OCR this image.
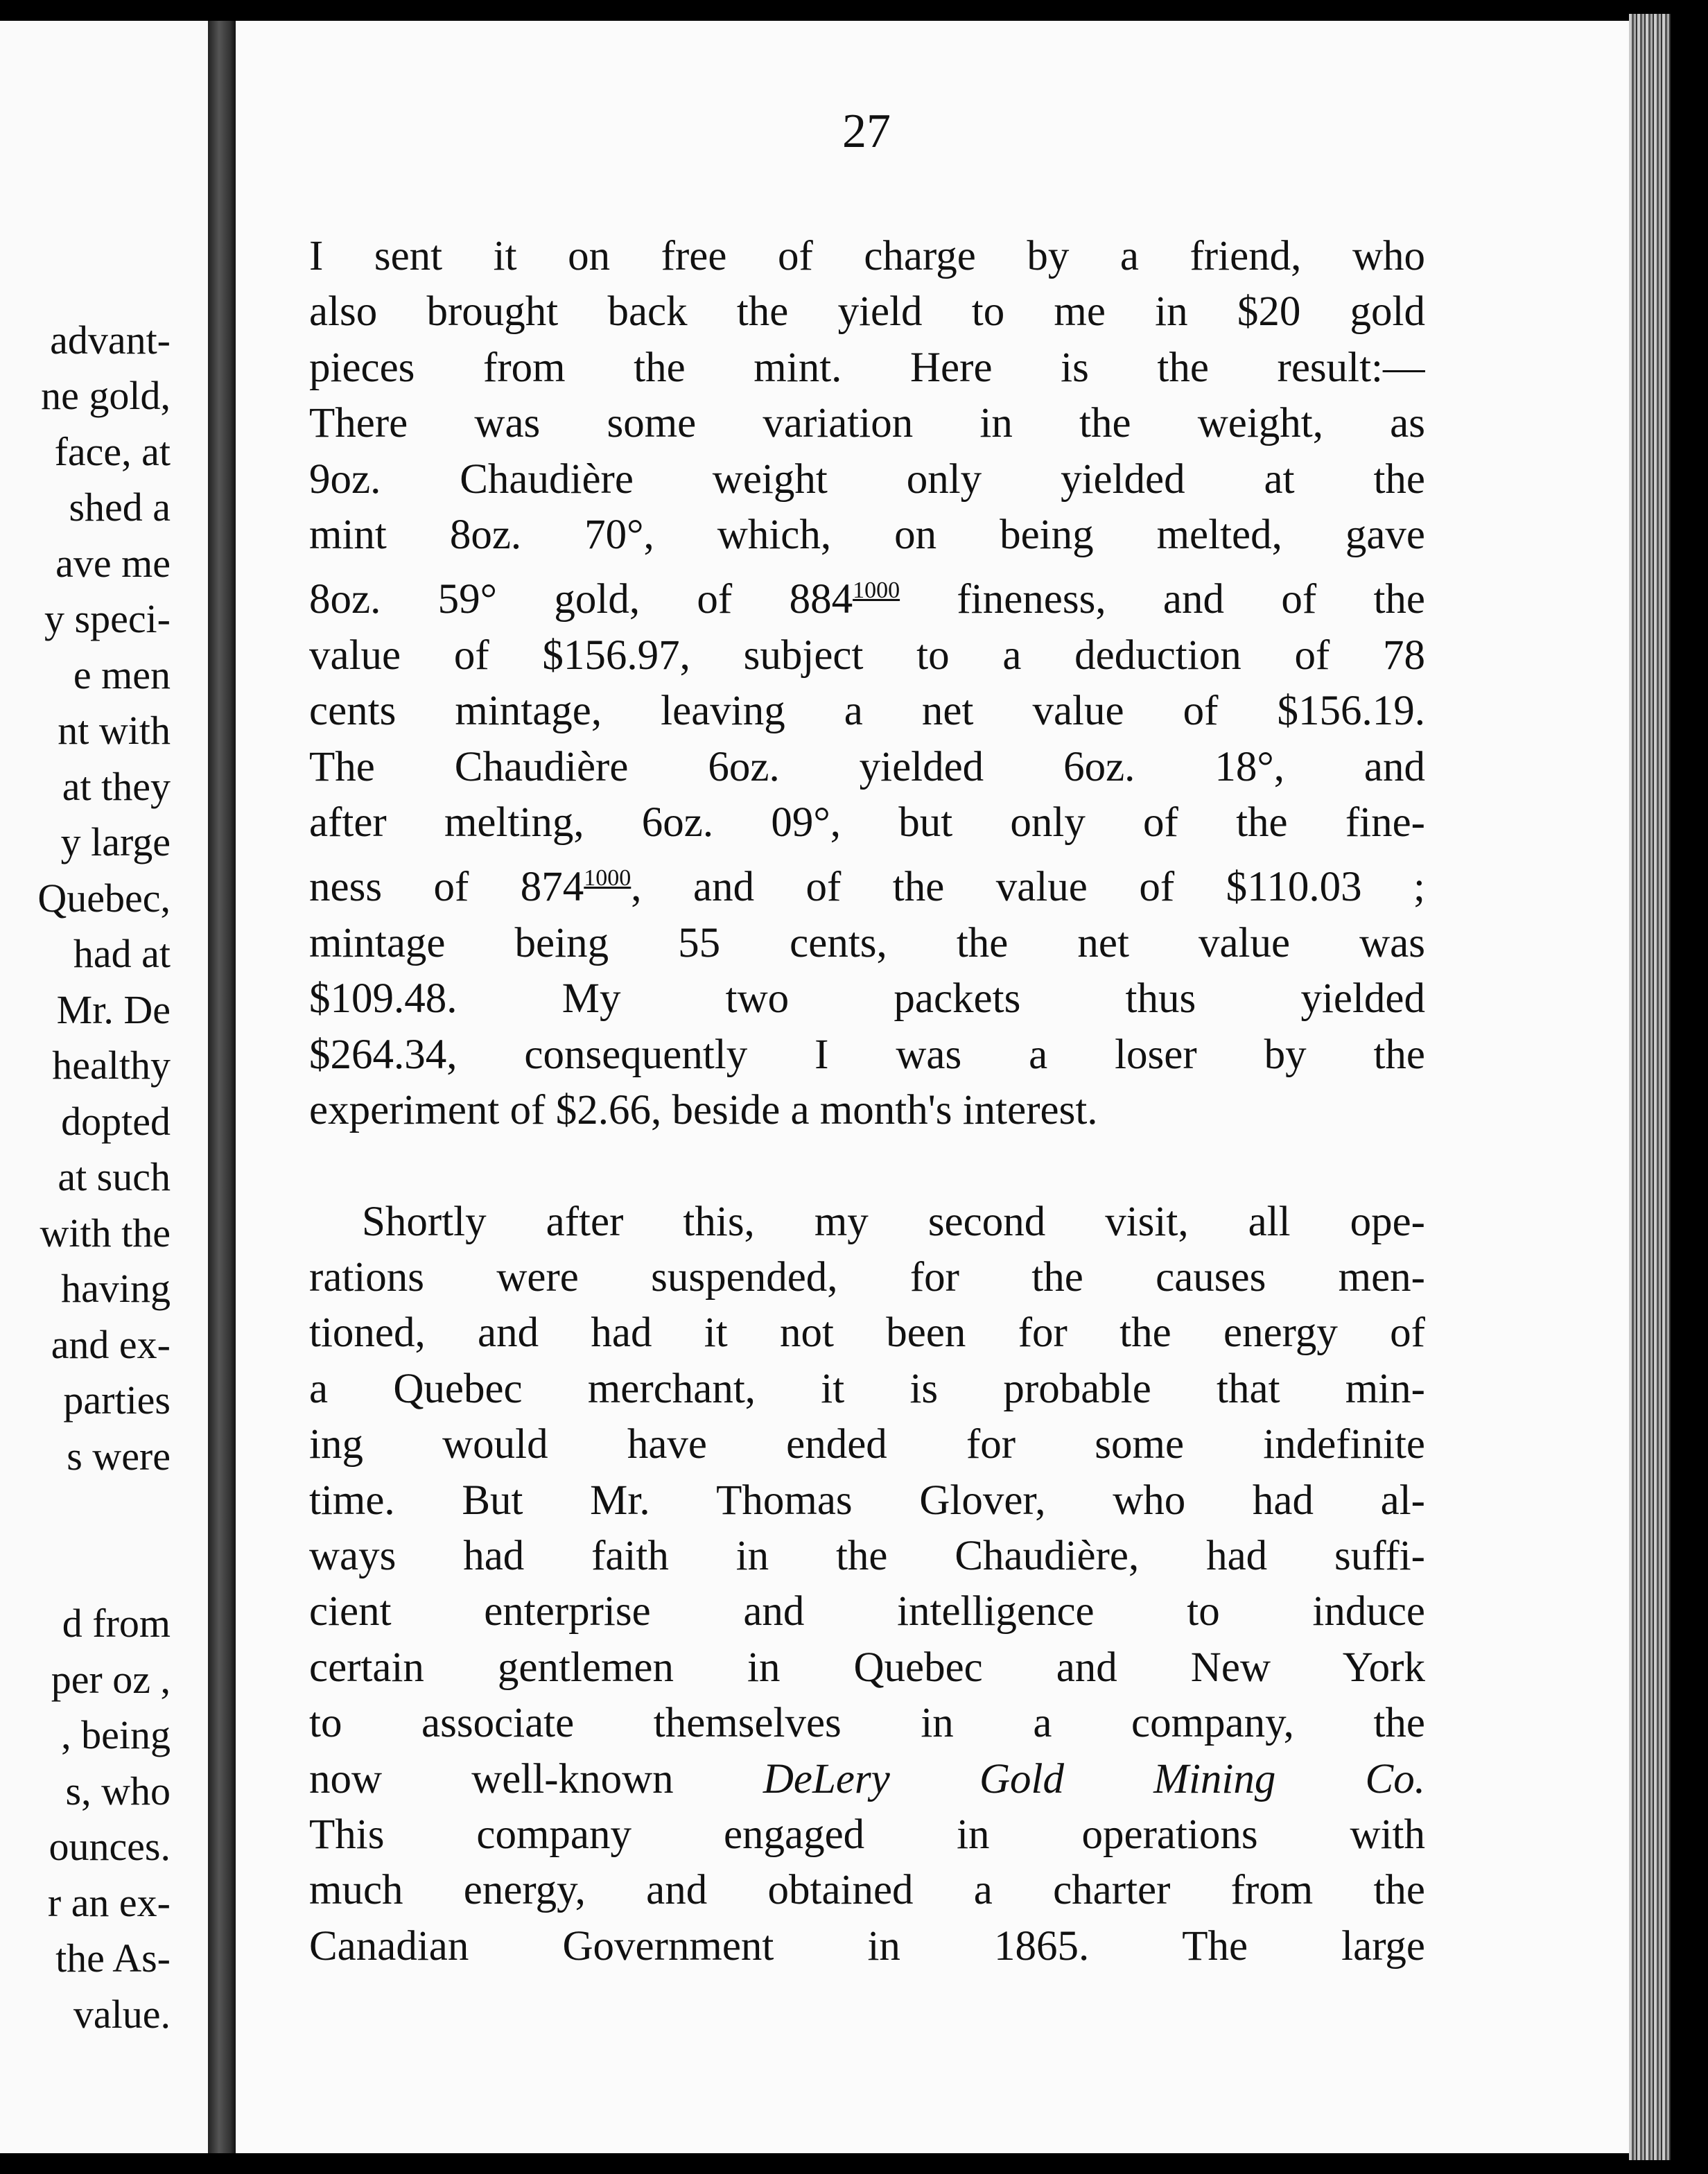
advant-
ne gold,
face, at
shed a
ave me
y speci-
e men
nt with
at they
y large
Quebec,
had at
Mr. De
healthy
dopted
at such
with the
having
and ex-
parties
s were

d from
per oz ,
, being
s, who
ounces.
r an ex-
the As-
value.

27
I sent it on free of charge by a friend, who
also brought back the yield to me in $20 gold
pieces from the mint. Here is the result:—
There was some variation in the weight, as
9oz. Chaudière weight only yielded at the
mint 8oz. 70°, which, on being melted, gave
8oz. 59° gold, of $884^{1000}$ fineness, and of the
value of $156.97, subject to a deduction of 78
cents mintage, leaving a net value of $156.19.
The Chaudière 6oz. yielded 6oz. 18°, and
after melting, 6oz. 09°, but only of the fine-
ness of $874^{1000}$, and of the value of $110.03 ;
mintage being 55 cents, the net value was
$109.48. My two packets thus yielded
$264.34, consequently I was a loser by the
experiment of $2.66, beside a month's interest.
Shortly after this, my second visit, all ope-
rations were suspended, for the causes men-
tioned, and had it not been for the energy of
a Quebec merchant, it is probable that min-
ing would have ended for some indefinite
time. But Mr. Thomas Glover, who had al-
ways had faith in the Chaudière, had suffi-
cient enterprise and intelligence to induce
certain gentlemen in Quebec and New York
to associate themselves in a company, the
now well-known DeLery Gold Mining Co.
This company engaged in operations with
much energy, and obtained a charter from the
Canadian Government in 1865. The large
